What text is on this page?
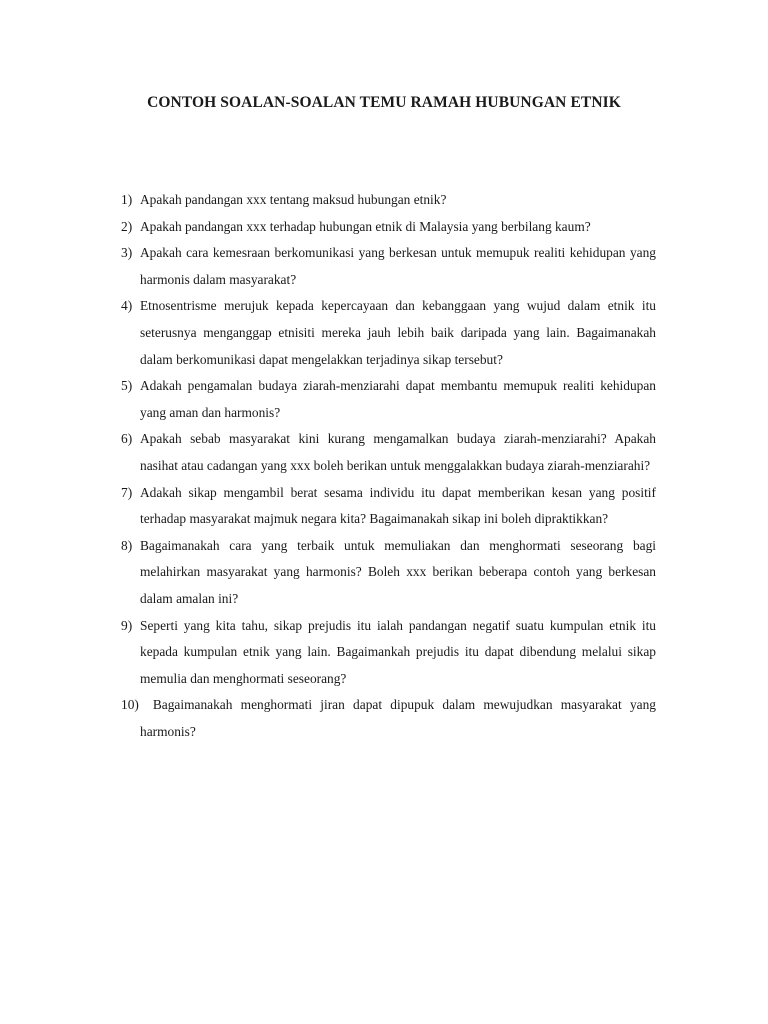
CONTOH SOALAN-SOALAN TEMU RAMAH HUBUNGAN ETNIK
1) Apakah pandangan xxx tentang maksud hubungan etnik?
2) Apakah pandangan xxx terhadap hubungan etnik di Malaysia yang berbilang kaum?
3) Apakah cara kemesraan berkomunikasi yang berkesan untuk memupuk realiti kehidupan yang harmonis dalam masyarakat?
4) Etnosentrisme merujuk kepada kepercayaan dan kebanggaan yang wujud dalam etnik itu seterusnya menganggap etnisiti mereka jauh lebih baik daripada yang lain. Bagaimanakah dalam berkomunikasi dapat mengelakkan terjadinya sikap tersebut?
5) Adakah pengamalan budaya ziarah-menziarahi dapat membantu memupuk realiti kehidupan yang aman dan harmonis?
6) Apakah sebab masyarakat kini kurang mengamalkan budaya ziarah-menziarahi? Apakah nasihat atau cadangan yang xxx boleh berikan untuk menggalakkan budaya ziarah-menziarahi?
7) Adakah sikap mengambil berat sesama individu itu dapat memberikan kesan yang positif terhadap masyarakat majmuk negara kita? Bagaimanakah sikap ini boleh dipraktikkan?
8) Bagaimanakah cara yang terbaik untuk memuliakan dan menghormati seseorang bagi melahirkan masyarakat yang harmonis? Boleh xxx berikan beberapa contoh yang berkesan dalam amalan ini?
9) Seperti yang kita tahu, sikap prejudis itu ialah pandangan negatif suatu kumpulan etnik itu kepada kumpulan etnik yang lain. Bagaimankah prejudis itu dapat dibendung melalui sikap memulia dan menghormati seseorang?
10) Bagaimanakah menghormati jiran dapat dipupuk dalam mewujudkan masyarakat yang harmonis?
